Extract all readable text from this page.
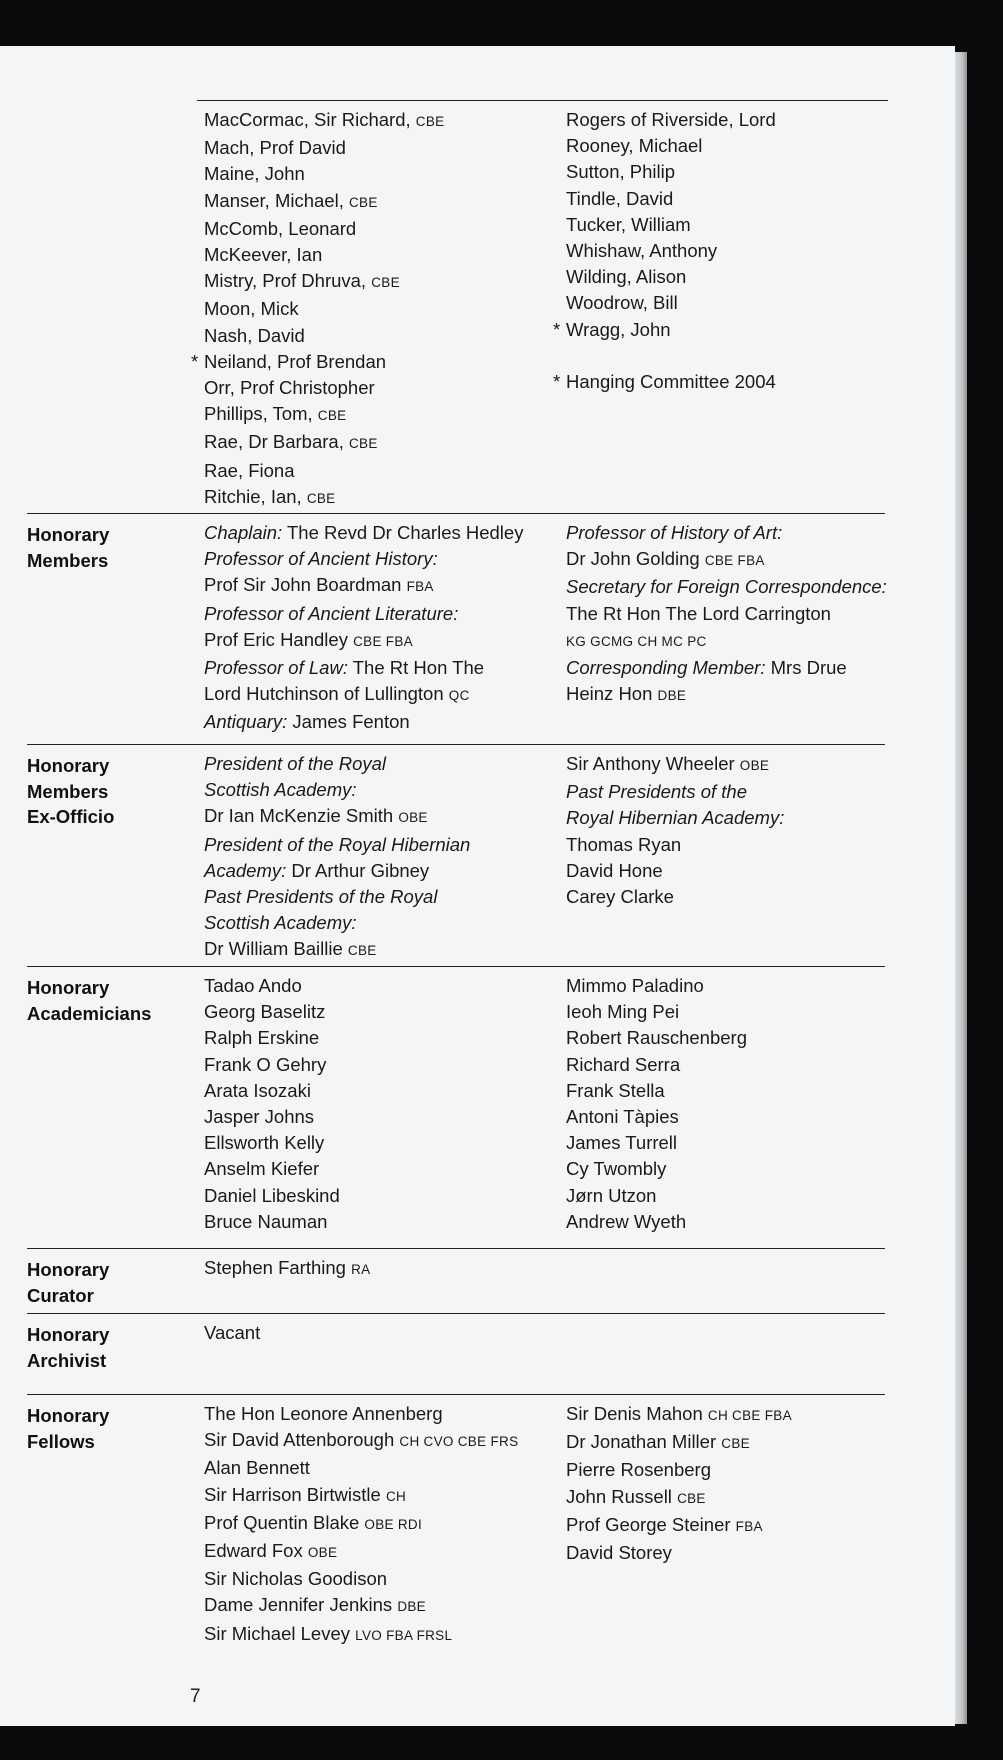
MacCormac, Sir Richard, CBE
Mach, Prof David
Maine, John
Manser, Michael, CBE
McComb, Leonard
McKeever, Ian
Mistry, Prof Dhruva, CBE
Moon, Mick
Nash, David
* Neiland, Prof Brendan
Orr, Prof Christopher
Phillips, Tom, CBE
Rae, Dr Barbara, CBE
Rae, Fiona
Ritchie, Ian, CBE
Rogers of Riverside, Lord
Rooney, Michael
Sutton, Philip
Tindle, David
Tucker, William
Whishaw, Anthony
Wilding, Alison
Woodrow, Bill
* Wragg, John

* Hanging Committee 2004
Honorary
Members
Chaplain: The Revd Dr Charles Hedley
Professor of Ancient History:
Prof Sir John Boardman FBA
Professor of Ancient Literature:
Prof Eric Handley CBE FBA
Professor of Law: The Rt Hon The
Lord Hutchinson of Lullington QC
Antiquary: James Fenton
Professor of History of Art:
Dr John Golding CBE FBA
Secretary for Foreign Correspondence:
The Rt Hon The Lord Carrington
KG GCMG CH MC PC
Corresponding Member: Mrs Drue
Heinz Hon DBE
Honorary
Members
Ex-Officio
President of the Royal
Scottish Academy:
Dr Ian McKenzie Smith OBE
President of the Royal Hibernian
Academy: Dr Arthur Gibney
Past Presidents of the Royal
Scottish Academy:
Dr William Baillie CBE
Sir Anthony Wheeler OBE
Past Presidents of the
Royal Hibernian Academy:
Thomas Ryan
David Hone
Carey Clarke
Honorary
Academicians
Tadao Ando
Georg Baselitz
Ralph Erskine
Frank O Gehry
Arata Isozaki
Jasper Johns
Ellsworth Kelly
Anselm Kiefer
Daniel Libeskind
Bruce Nauman
Mimmo Paladino
Ieoh Ming Pei
Robert Rauschenberg
Richard Serra
Frank Stella
Antoni Tàpies
James Turrell
Cy Twombly
Jørn Utzon
Andrew Wyeth
Honorary
Curator
Stephen Farthing RA
Honorary
Archivist
Vacant
Honorary
Fellows
The Hon Leonore Annenberg
Sir David Attenborough CH CVO CBE FRS
Alan Bennett
Sir Harrison Birtwistle CH
Prof Quentin Blake OBE RDI
Edward Fox OBE
Sir Nicholas Goodison
Dame Jennifer Jenkins DBE
Sir Michael Levey LVO FBA FRSL
Sir Denis Mahon CH CBE FBA
Dr Jonathan Miller CBE
Pierre Rosenberg
John Russell CBE
Prof George Steiner FBA
David Storey
7
